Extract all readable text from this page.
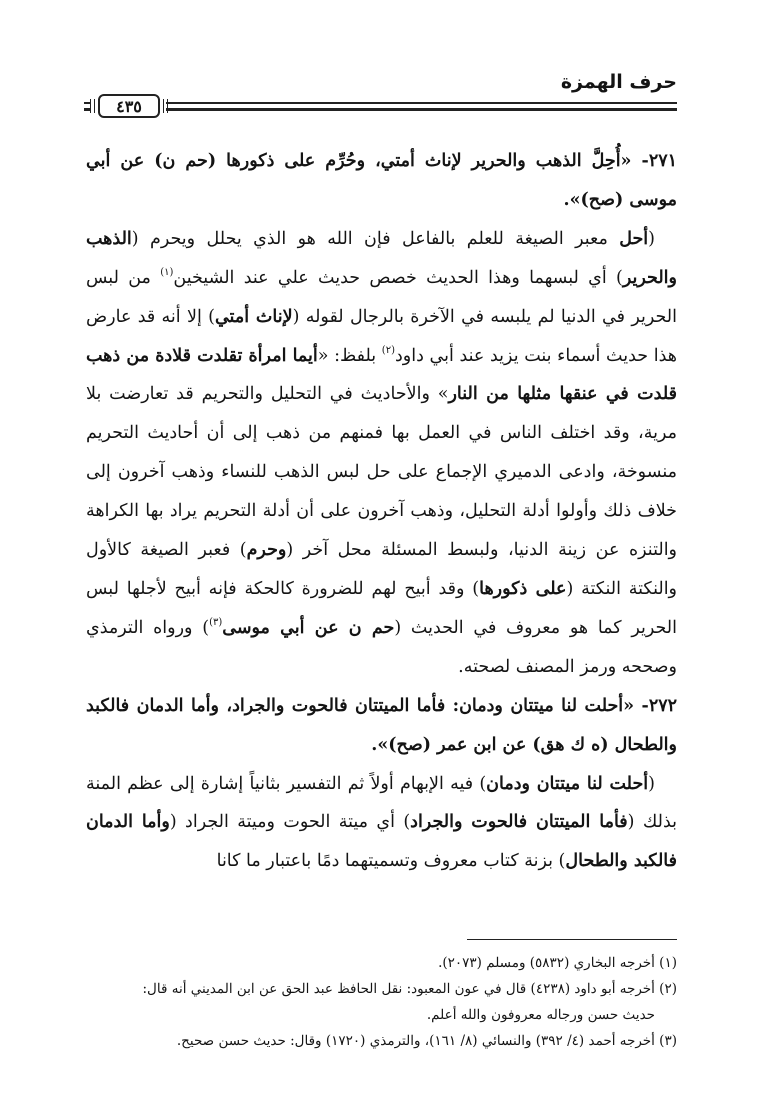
حرف الهمزة
٤٣٥

٢٧١- «أُحِلَّ الذهب والحرير لإناث أمتي، وحُرِّم على ذكورها (حم ن) عن أبي موسى (صح)».

(أحل معبر الصيغة للعلم بالفاعل فإن الله هو الذي يحلل ويحرم (الذهب والحرير) أي لبسهما وهذا الحديث خصص حديث علي عند الشيخين$^{(١)}$ من لبس الحرير في الدنيا لم يلبسه في الآخرة بالرجال لقوله (لإناث أمتي) إلا أنه قد عارض هذا حديث أسماء بنت يزيد عند أبي داود$^{(٢)}$ بلفظ: «أيما امرأة تقلدت قلادة من ذهب قلدت في عنقها مثلها من النار» والأحاديث في التحليل والتحريم قد تعارضت بلا مرية، وقد اختلف الناس في العمل بها فمنهم من ذهب إلى أن أحاديث التحريم منسوخة، وادعى الدميري الإجماع على حل لبس الذهب للنساء وذهب آخرون إلى خلاف ذلك وأولوا أدلة التحليل، وذهب آخرون على أن أدلة التحريم يراد بها الكراهة والتنزه عن زينة الدنيا، ولبسط المسئلة محل آخر (وحرم) فعبر الصيغة كالأول والنكتة النكتة (على ذكورها) وقد أبيح لهم للضرورة كالحكة فإنه أبيح لأجلها لبس الحرير كما هو معروف في الحديث (حم ن عن أبي موسى$^{(٣)}$) ورواه الترمذي وصححه ورمز المصنف لصحته.

٢٧٢- «أحلت لنا ميتتان ودمان: فأما الميتتان فالحوت والجراد، وأما الدمان فالكبد والطحال (ه ك هق) عن ابن عمر (صح)».

(أحلت لنا ميتتان ودمان) فيه الإبهام أولاً ثم التفسير بثانياً إشارة إلى عظم المنة بذلك (فأما الميتتان فالحوت والجراد) أي ميتة الحوت وميتة الجراد (وأما الدمان فالكبد والطحال) بزنة كتاب معروف وتسميتهما دمًا باعتبار ما كانا

(١) أخرجه البخاري (٥٨٣٢) ومسلم (٢٠٧٣).

(٢) أخرجه أبو داود (٤٢٣٨) قال في عون المعبود: نقل الحافظ عبد الحق عن ابن المديني أنه قال:

حديث حسن ورجاله معروفون والله أعلم.

(٣) أخرجه أحمد (٤/ ٣٩٢) والنسائي (٨/ ١٦١)، والترمذي (١٧٢٠) وقال: حديث حسن صحيح.
